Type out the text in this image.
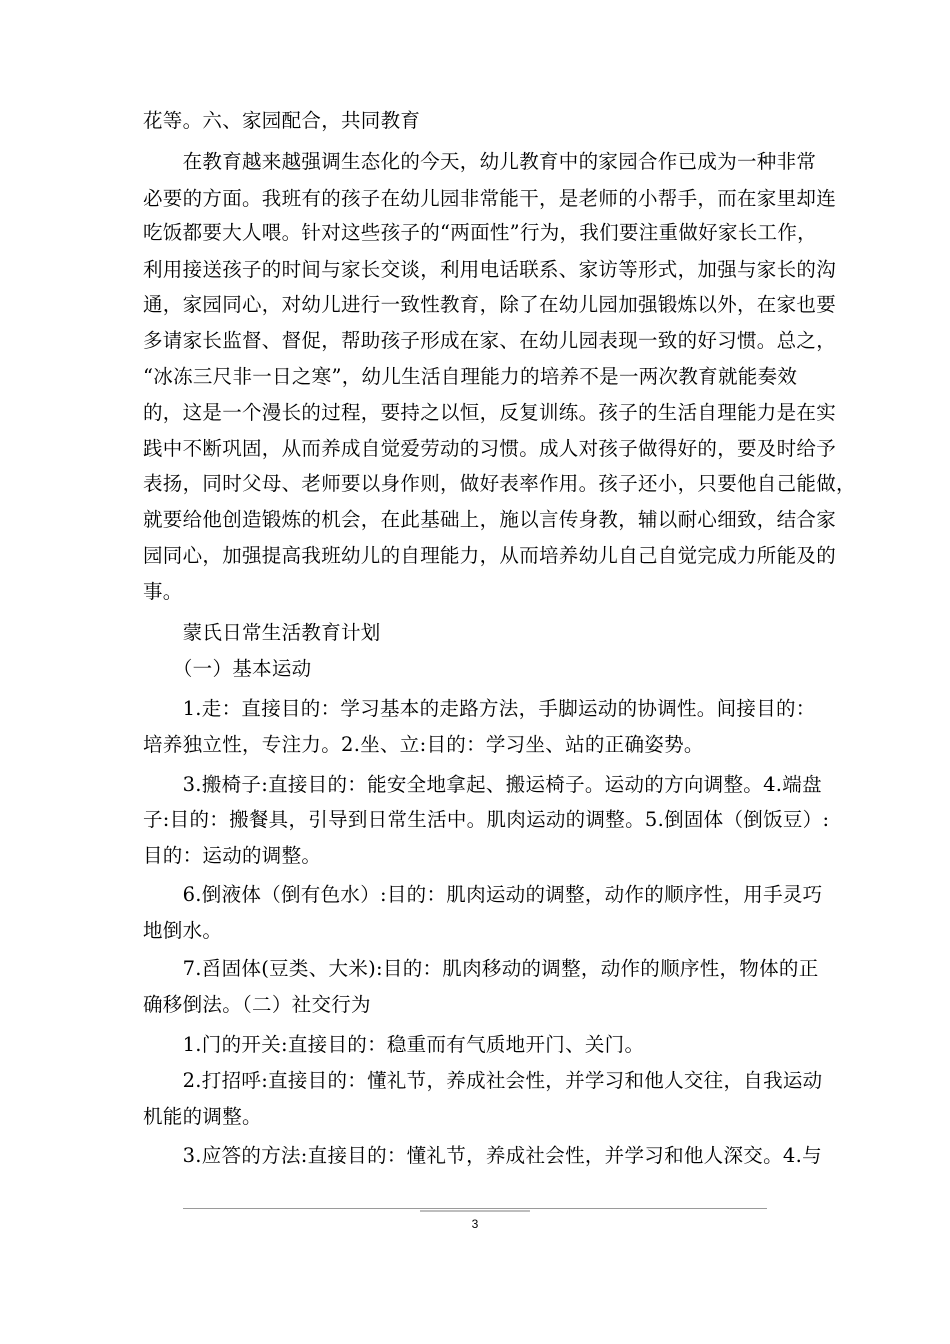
花等。六、家园配合，共同教育
　　在教育越来越强调生态化的今天，幼儿教育中的家园合作已成为一种非常
必要的方面。我班有的孩子在幼儿园非常能干，是老师的小帮手，而在家里却连
吃饭都要大人喂。针对这些孩子的“两面性”行为，我们要注重做好家长工作，
利用接送孩子的时间与家长交谈，利用电话联系、家访等形式，加强与家长的沟
通，家园同心，对幼儿进行一致性教育，除了在幼儿园加强锻炼以外，在家也要
多请家长监督、督促，帮助孩子形成在家、在幼儿园表现一致的好习惯。总之，
“冰冻三尺非一日之寒”，幼儿生活自理能力的培养不是一两次教育就能奏效
的，这是一个漫长的过程，要持之以恒，反复训练。孩子的生活自理能力是在实
践中不断巩固，从而养成自觉爱劳动的习惯。成人对孩子做得好的，要及时给予
表扬，同时父母、老师要以身作则，做好表率作用。孩子还小，只要他自己能做，
就要给他创造锻炼的机会，在此基础上，施以言传身教，辅以耐心细致，结合家
园同心，加强提高我班幼儿的自理能力，从而培养幼儿自己自觉完成力所能及的
事。
　　蒙氏日常生活教育计划
　　（一）基本运动
　　1.走：直接目的：学习基本的走路方法，手脚运动的协调性。间接目的：
培养独立性，专注力。2.坐、立:目的：学习坐、站的正确姿势。
　　3.搬椅子:直接目的：能安全地拿起、搬运椅子。运动的方向调整。4.端盘
子:目的：搬餐具，引导到日常生活中。肌肉运动的调整。5.倒固体（倒饭豆）:
目的：运动的调整。
　　6.倒液体（倒有色水）:目的：肌肉运动的调整，动作的顺序性，用手灵巧
地倒水。
　　7.舀固体(豆类、大米):目的：肌肉移动的调整，动作的顺序性，物体的正
确移倒法。（二）社交行为
　　1.门的开关:直接目的：稳重而有气质地开门、关门。
　　2.打招呼:直接目的：懂礼节，养成社会性，并学习和他人交往，自我运动
机能的调整。
　　3.应答的方法:直接目的：懂礼节，养成社会性，并学习和他人深交。4.与
3
